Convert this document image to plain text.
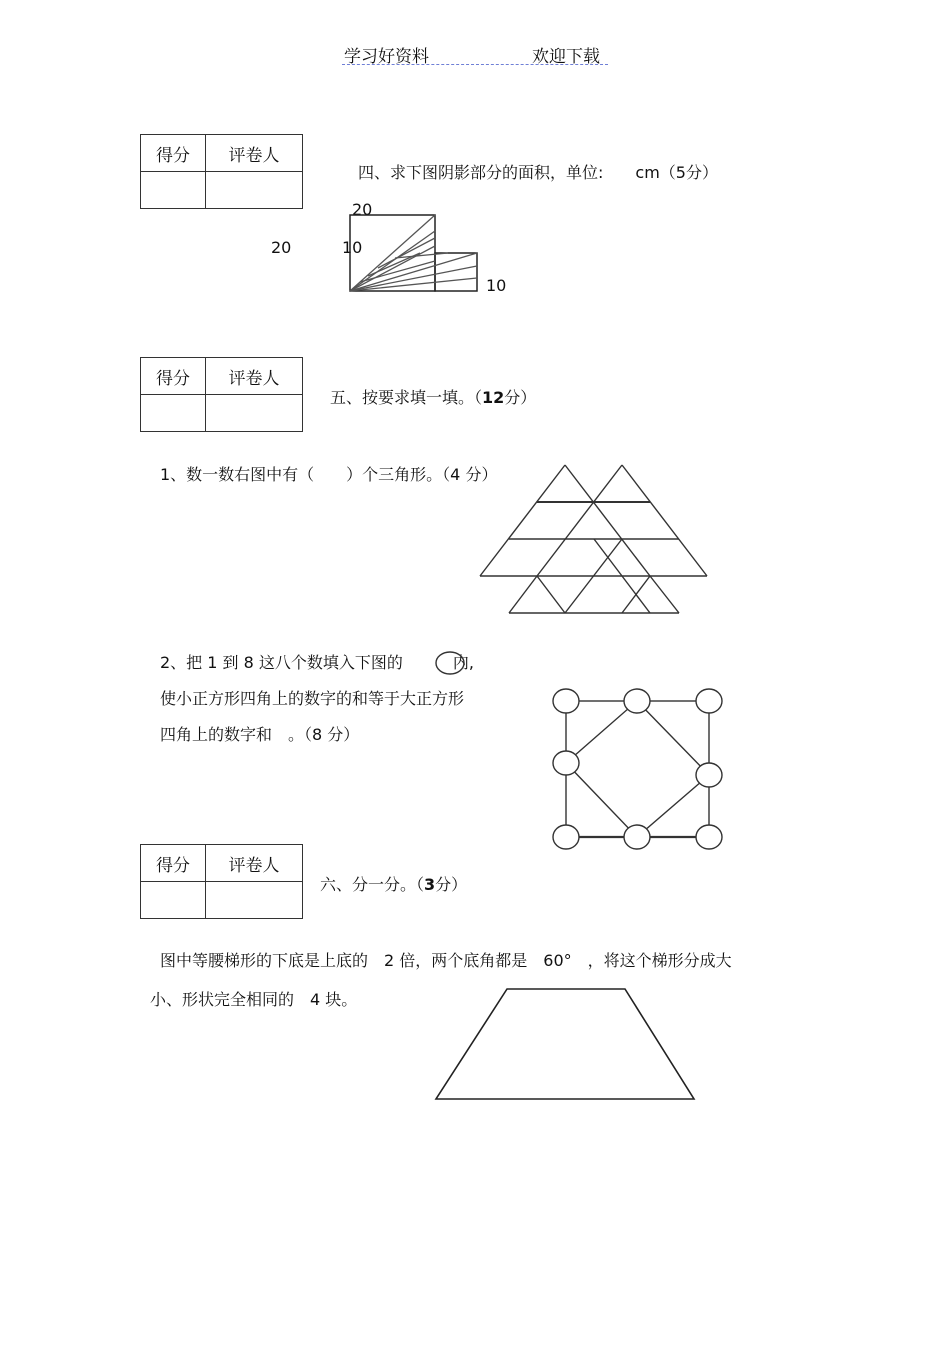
学习好资料	欢迎下载
得分	评卷人

四、求下图阴影部分的面积，单位: cm（5分）
20
20	10
10
得分	评卷人

五、按要求填一填。（12分）
1、数一数右图中有（　　）个三角形。（4 分）
2、把 1 到 8 这八个数填入下图的	内,
使小正方形四角上的数字的和等于大正方形
四角上的数字和　。（8 分）
得分	评卷人

六、分一分。（3分）
图中等腰梯形的下底是上底的　2 倍，两个底角都是　60°　，将这个梯形分成大
小、形状完全相同的　4 块。
